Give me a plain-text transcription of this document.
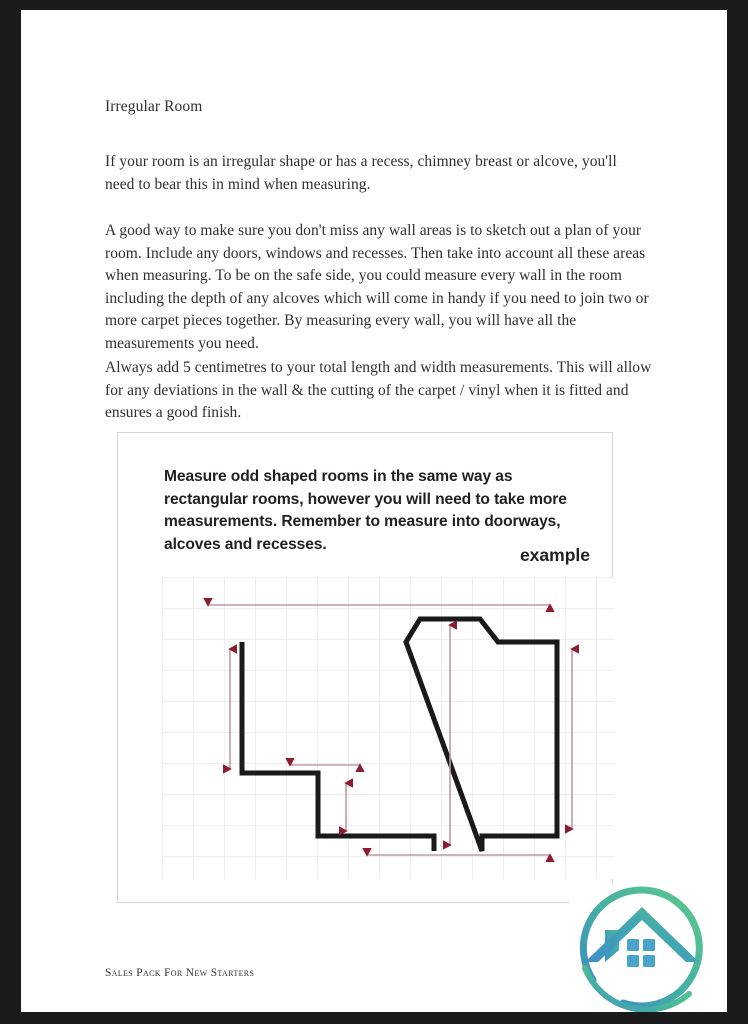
Irregular Room
If your room is an irregular shape or has a recess, chimney breast or alcove, you'll need to bear this in mind when measuring.
A good way to make sure you don't miss any wall areas is to sketch out a plan of your room. Include any doors, windows and recesses. Then take into account all these areas when measuring. To be on the safe side, you could measure every wall in the room including the depth of any alcoves which will come in handy if you need to join two or more carpet pieces together. By measuring every wall, you will have all the measurements you need.
Always add 5 centimetres to your total length and width measurements. This will allow for any deviations in the wall & the cutting of the carpet / vinyl when it is fitted and ensures a good finish.
Measure odd shaped rooms in the same way as rectangular rooms, however you will need to take more measurements. Remember to measure into doorways, alcoves and recesses.
example
Sales Pack For New Starters
